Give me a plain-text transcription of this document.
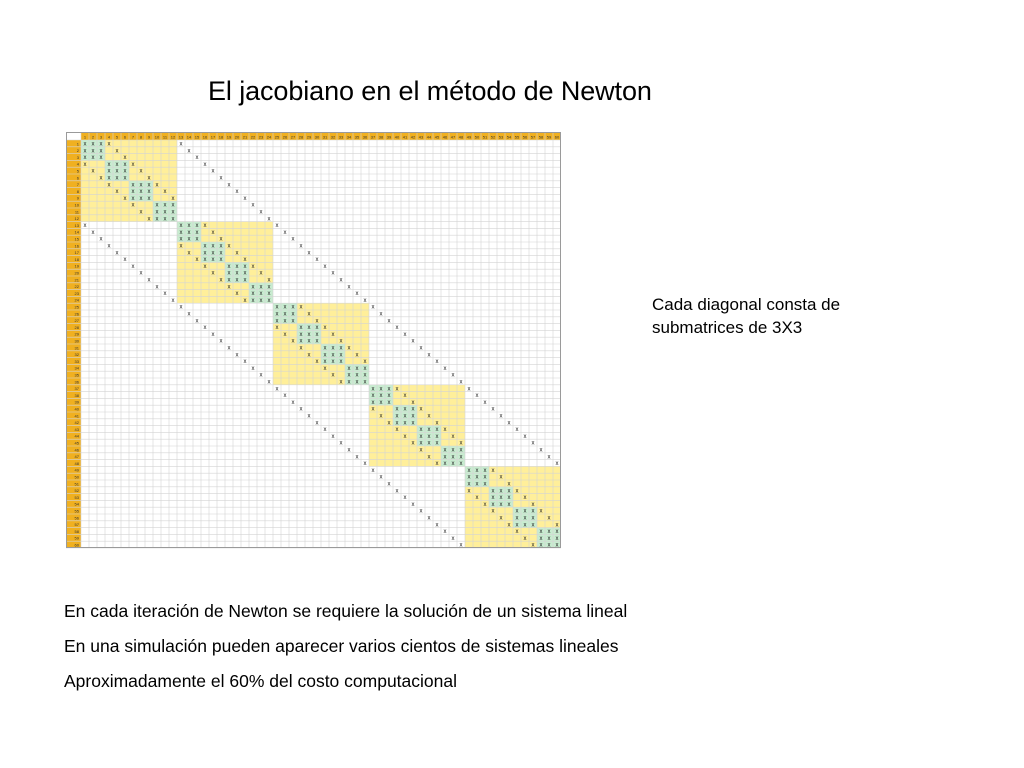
El jacobiano en el método de Newton
1
1
2
2
3
3
4
4
5
5
6
6
7
7
8
8
9
9
10
10
11
11
12
12
13
13
14
14
15
15
16
16
17
17
18
18
19
19
20
20
21
21
22
22
23
23
24
24
25
25
26
26
27
27
28
28
29
29
30
30
31
31
32
32
33
33
34
34
35
35
36
36
37
37
38
38
39
39
40
40
41
41
42
42
43
43
44
44
45
45
46
46
47
47
48
48
49
49
50
50
51
51
52
52
53
53
54
54
55
55
56
56
57
57
58
58
59
59
60
60
x x x
x x x
x x x
x
x
x
x x x
x x x
x x x
x
x
x
x
x
x
x x x
x x x
x x x
x
x
x
x
x
x
x x x
x x x
x x x
x
x
x
x x x
x x x
x x x
x
x
x
x x x
x x x
x x x
x
x
x
x
x
x
x x x
x x x
x x x
x
x
x
x
x
x
x x x
x x x
x x x
x
x
x
x x x
x x x
x x x
x
x
x
x x x
x x x
x x x
x
x
x
x
x
x
x x x
x x x
x x x
x
x
x
x
x
x
x x x
x x x
x x x
x
x
x
x x x
x x x
x x x
x
x
x
x x x
x x x
x x x
x
x
x
x
x
x
x x x
x x x
x x x
x
x
x
x
x
x
x x x
x x x
x x x
x
x
x
x x x
x x x
x x x
x
x
x
x x x
x x x
x x x
x
x
x
x
x
x
x x x
x x x
x x x
x
x
x
x
x
x
x x x
x x x
x x x
x
x
x
x
x
x
x
x
x
x
x
x
x
x
x
x
x
x
x
x
x
x
x
x
x
x
x
x
x
x
x
x
x
x
x
x
x
x
x
x
x
x
x
x
x
x
x
x
x
x
x
x
x
x
x
x
x
x
x
x
x
x
x
x
x
x
x
x
x
x
x
x
x
x
x
x
x
x
x
x
x
x
x
x
x
x
x
x
x
x
x
x
x
x
x
x
x
x
x
Cada diagonal consta de
submatrices de 3X3
En cada iteración de Newton se requiere la solución de un sistema lineal
En una simulación pueden aparecer varios cientos de sistemas lineales
Aproximadamente el 60% del costo computacional
